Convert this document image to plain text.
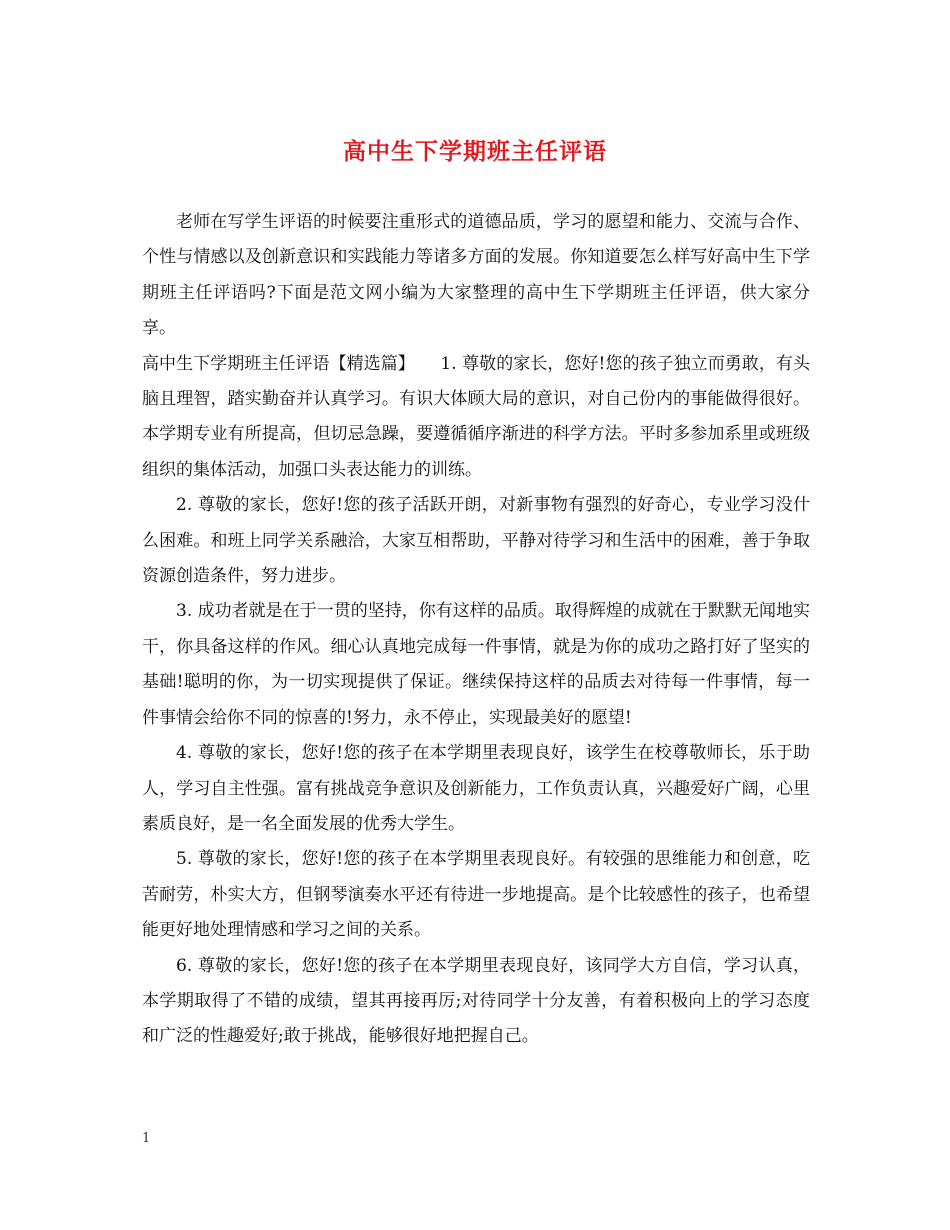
高中生下学期班主任评语

老师在写学生评语的时候要注重形式的道德品质，学习的愿望和能力、交流与合作、个性与情感以及创新意识和实践能力等诸多方面的发展。你知道要怎么样写好高中生下学期班主任评语吗?下面是范文网小编为大家整理的高中生下学期班主任评语，供大家分享。

高中生下学期班主任评语【精选篇】　　1. 尊敬的家长，您好!您的孩子独立而勇敢，有头脑且理智，踏实勤奋并认真学习。有识大体顾大局的意识，对自己份内的事能做得很好。本学期专业有所提高，但切忌急躁，要遵循循序渐进的科学方法。平时多参加系里或班级组织的集体活动，加强口头表达能力的训练。

2. 尊敬的家长，您好!您的孩子活跃开朗，对新事物有强烈的好奇心，专业学习没什么困难。和班上同学关系融洽，大家互相帮助，平静对待学习和生活中的困难，善于争取资源创造条件，努力进步。

3. 成功者就是在于一贯的坚持，你有这样的品质。取得辉煌的成就在于默默无闻地实干，你具备这样的作风。细心认真地完成每一件事情，就是为你的成功之路打好了坚实的基础!聪明的你，为一切实现提供了保证。继续保持这样的品质去对待每一件事情，每一件事情会给你不同的惊喜的!努力，永不停止，实现最美好的愿望!

4. 尊敬的家长，您好!您的孩子在本学期里表现良好，该学生在校尊敬师长，乐于助人，学习自主性强。富有挑战竞争意识及创新能力，工作负责认真，兴趣爱好广阔，心里素质良好，是一名全面发展的优秀大学生。

5. 尊敬的家长，您好!您的孩子在本学期里表现良好。有较强的思维能力和创意，吃苦耐劳，朴实大方，但钢琴演奏水平还有待进一步地提高。是个比较感性的孩子，也希望能更好地处理情感和学习之间的关系。

6. 尊敬的家长，您好!您的孩子在本学期里表现良好，该同学大方自信，学习认真，本学期取得了不错的成绩，望其再接再厉;对待同学十分友善，有着积极向上的学习态度和广泛的性趣爱好;敢于挑战，能够很好地把握自己。

1
